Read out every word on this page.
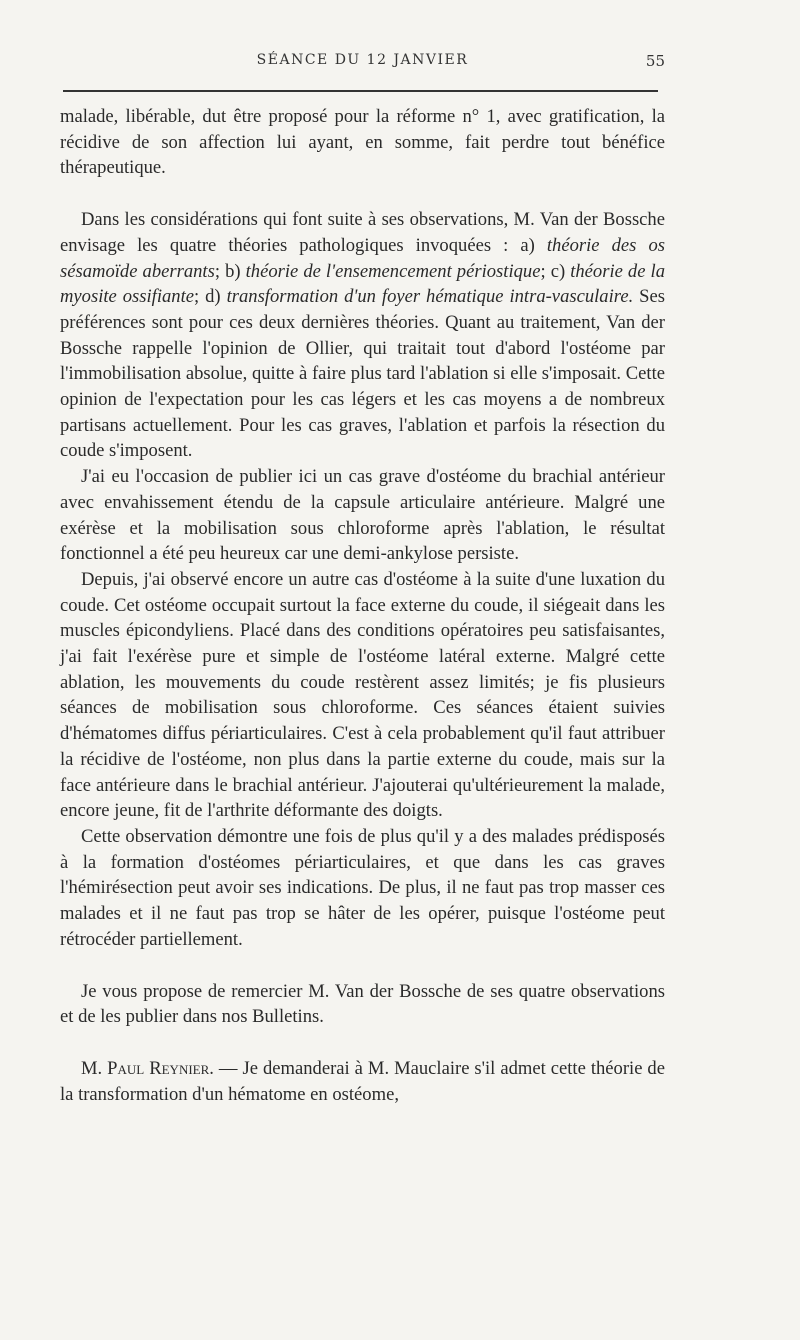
SÉANCE DU 12 JANVIER	55

malade, libérable, dut être proposé pour la réforme n° 1, avec gratification, la récidive de son affection lui ayant, en somme, fait perdre tout bénéfice thérapeutique.

Dans les considérations qui font suite à ses observations, M. Van der Bossche envisage les quatre théories pathologiques invoquées : a) théorie des os sésamoïde aberrants; b) théorie de l'ensemencement périostique; c) théorie de la myosite ossifiante; d) transformation d'un foyer hématique intra-vasculaire. Ses préférences sont pour ces deux dernières théories. Quant au traitement, Van der Bossche rappelle l'opinion de Ollier, qui traitait tout d'abord l'ostéome par l'immobilisation absolue, quitte à faire plus tard l'ablation si elle s'imposait. Cette opinion de l'expectation pour les cas légers et les cas moyens a de nombreux partisans actuellement. Pour les cas graves, l'ablation et parfois la résection du coude s'imposent.

J'ai eu l'occasion de publier ici un cas grave d'ostéome du brachial antérieur avec envahissement étendu de la capsule articulaire antérieure. Malgré une exérèse et la mobilisation sous chloroforme après l'ablation, le résultat fonctionnel a été peu heureux car une demi-ankylose persiste.

Depuis, j'ai observé encore un autre cas d'ostéome à la suite d'une luxation du coude. Cet ostéome occupait surtout la face externe du coude, il siégeait dans les muscles épicondyliens. Placé dans des conditions opératoires peu satisfaisantes, j'ai fait l'exérèse pure et simple de l'ostéome latéral externe. Malgré cette ablation, les mouvements du coude restèrent assez limités; je fis plusieurs séances de mobilisation sous chloroforme. Ces séances étaient suivies d'hématomes diffus périarticulaires. C'est à cela probablement qu'il faut attribuer la récidive de l'ostéome, non plus dans la partie externe du coude, mais sur la face antérieure dans le brachial antérieur. J'ajouterai qu'ultérieurement la malade, encore jeune, fit de l'arthrite déformante des doigts.

Cette observation démontre une fois de plus qu'il y a des malades prédisposés à la formation d'ostéomes périarticulaires, et que dans les cas graves l'hémirésection peut avoir ses indications. De plus, il ne faut pas trop masser ces malades et il ne faut pas trop se hâter de les opérer, puisque l'ostéome peut rétrocéder partiellement.

Je vous propose de remercier M. Van der Bossche de ses quatre observations et de les publier dans nos Bulletins.

M. Paul Reynier. — Je demanderai à M. Mauclaire s'il admet cette théorie de la transformation d'un hématome en ostéome,
